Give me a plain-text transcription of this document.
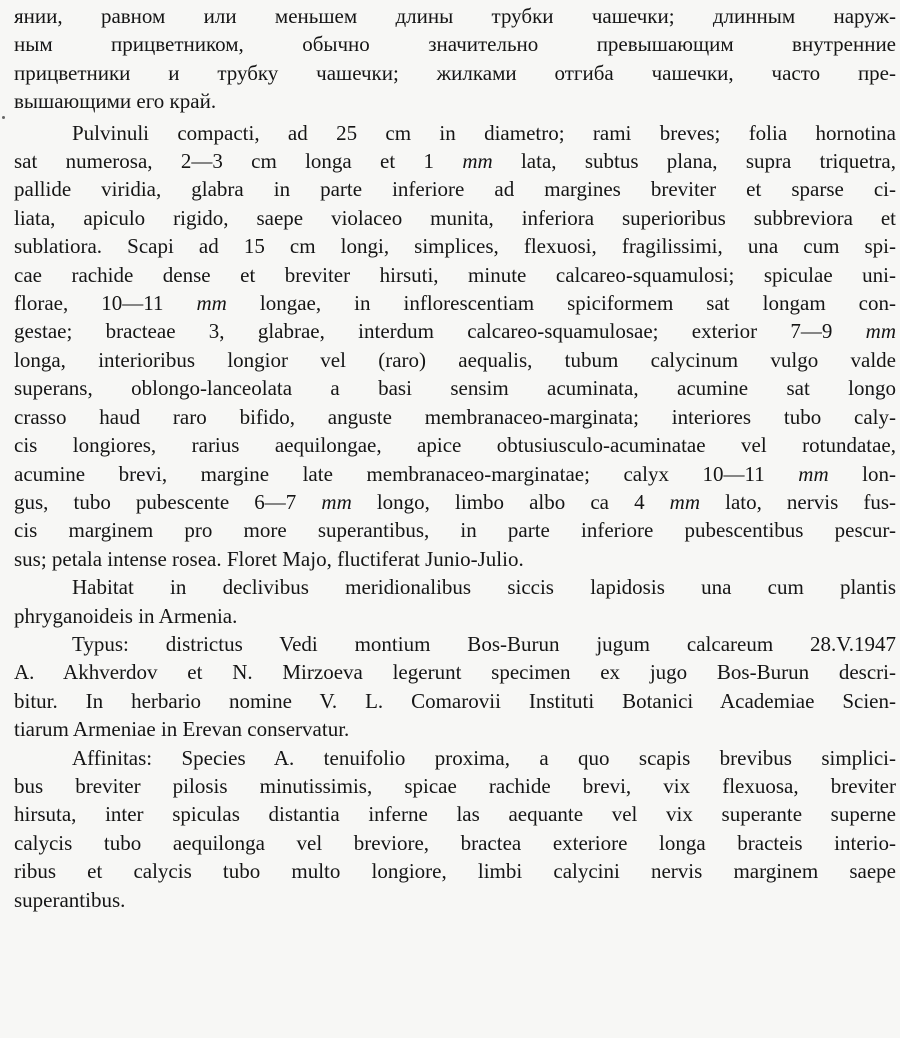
янии, равном или меньшем длины трубки чашечки; длинным наруж-
ным прицветником, обычно значительно превышающим внутренние
прицветники и трубку чашечки; жилками отгиба чашечки, часто пре-
вышающими его край.
Pulvinuli compacti, ad 25 cm in diametro; rami breves; folia hornotina
sat numerosa, 2—3 cm longa et 1 mm lata, subtus plana, supra triquetra,
pallide viridia, glabra in parte inferiore ad margines breviter et sparse ci-
liata, apiculo rigido, saepe violaceo munita, inferiora superioribus subbreviora et
sublatiora. Scapi ad 15 cm longi, simplices, flexuosi, fragilissimi, una cum spi-
cae rachide dense et breviter hirsuti, minute calcareo-squamulosi; spiculae uni-
florae, 10—11 mm longae, in inflorescentiam spiciformem sat longam con-
gestae; bracteae 3, glabrae, interdum calcareo-squamulosae; exterior 7—9 mm
longa, interioribus longior vel (raro) aequalis, tubum calycinum vulgo valde
superans, oblongo-lanceolata a basi sensim acuminata, acumine sat longo
crasso haud raro bifido, anguste membranaceo-marginata; interiores tubo caly-
cis longiores, rarius aequilongae, apice obtusiusculo-acuminatae vel rotundatae,
acumine brevi, margine late membranaceo-marginatae; calyx 10—11 mm lon-
gus, tubo pubescente 6—7 mm longo, limbo albo ca 4 mm lato, nervis fus-
cis marginem pro more superantibus, in parte inferiore pubescentibus pescur-
sus; petala intense rosea. Floret Majo, fluctiferat Junio-Julio.
Habitat in declivibus meridionalibus siccis lapidosis una cum plantis
phryganoideis in Armenia.
Typus: districtus Vedi montium Bos-Burun jugum calcareum 28.V.1947
A. Akhverdov et N. Mirzoeva legerunt specimen ex jugo Bos-Burun descri-
bitur. In herbario nomine V. L. Comarovii Instituti Botanici Academiae Scien-
tiarum Armeniae in Erevan conservatur.
Affinitas: Species A. tenuifolio proxima, a quo scapis brevibus simplici-
bus breviter pilosis minutissimis, spicae rachide brevi, vix flexuosa, breviter
hirsuta, inter spiculas distantia inferne las aequante vel vix superante superne
calycis tubo aequilonga vel breviore, bractea exteriore longa bracteis interio-
ribus et calycis tubo multo longiore, limbi calycini nervis marginem saepe
superantibus.
